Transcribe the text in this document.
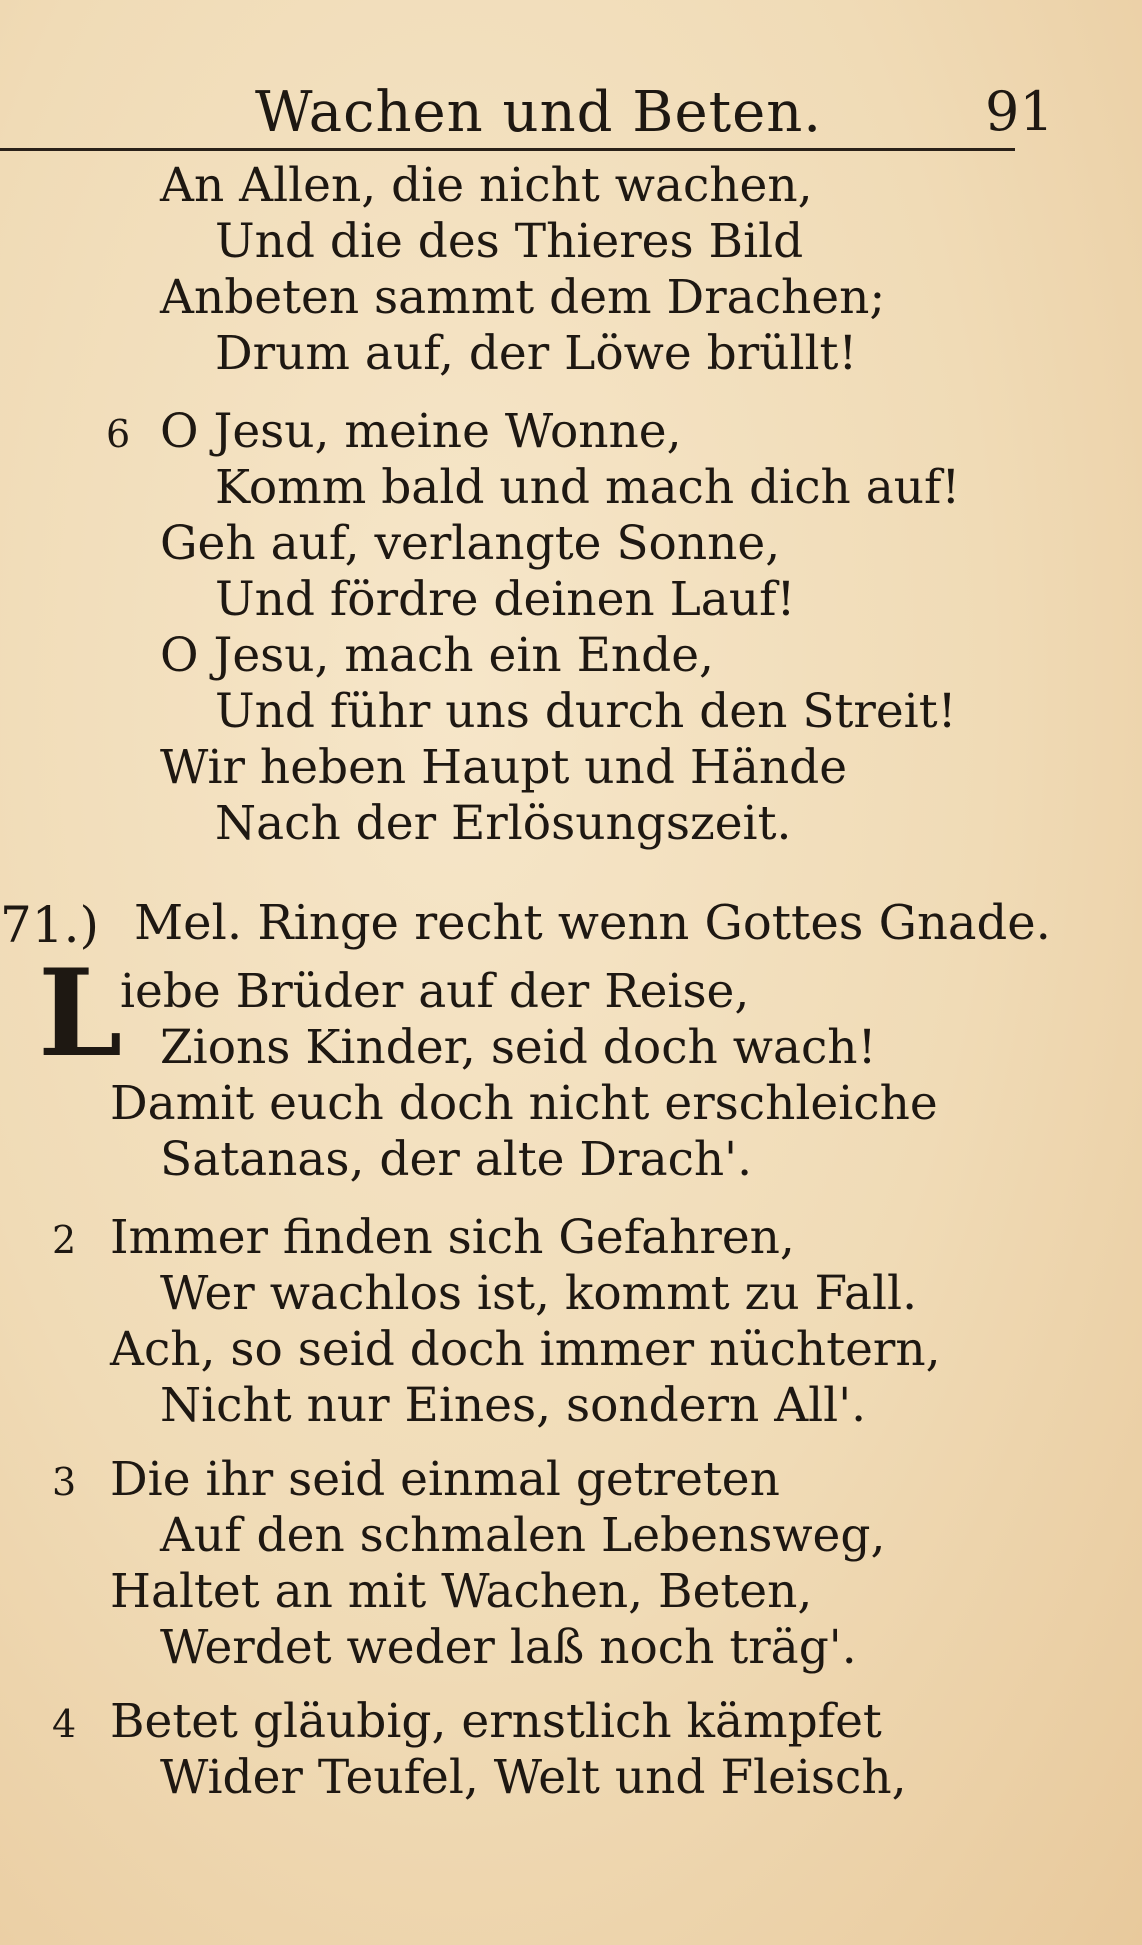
Wachen und Beten.	91
An Allen, die nicht wachen,
Und die des Thieres Bild
Anbeten sammt dem Drachen;
Drum auf, der Löwe brüllt!
6 O Jesu, meine Wonne,
Komm bald und mach dich auf!
Geh auf, verlangte Sonne,
Und fördre deinen Lauf!
O Jesu, mach ein Ende,
Und führ uns durch den Streit!
Wir heben Haupt und Hände
Nach der Erlösungszeit.
71.) Mel. Ringe recht wenn Gottes Gnade.
L
iebe Brüder auf der Reise,
Zions Kinder, seid doch wach!
Damit euch doch nicht erschleiche
Satanas, der alte Drach'.
2 Immer finden sich Gefahren,
Wer wachlos ist, kommt zu Fall.
Ach, so seid doch immer nüchtern,
Nicht nur Eines, sondern All'.
3 Die ihr seid einmal getreten
Auf den schmalen Lebensweg,
Haltet an mit Wachen, Beten,
Werdet weder laß noch träg'.
4 Betet gläubig, ernstlich kämpfet
Wider Teufel, Welt und Fleisch,
